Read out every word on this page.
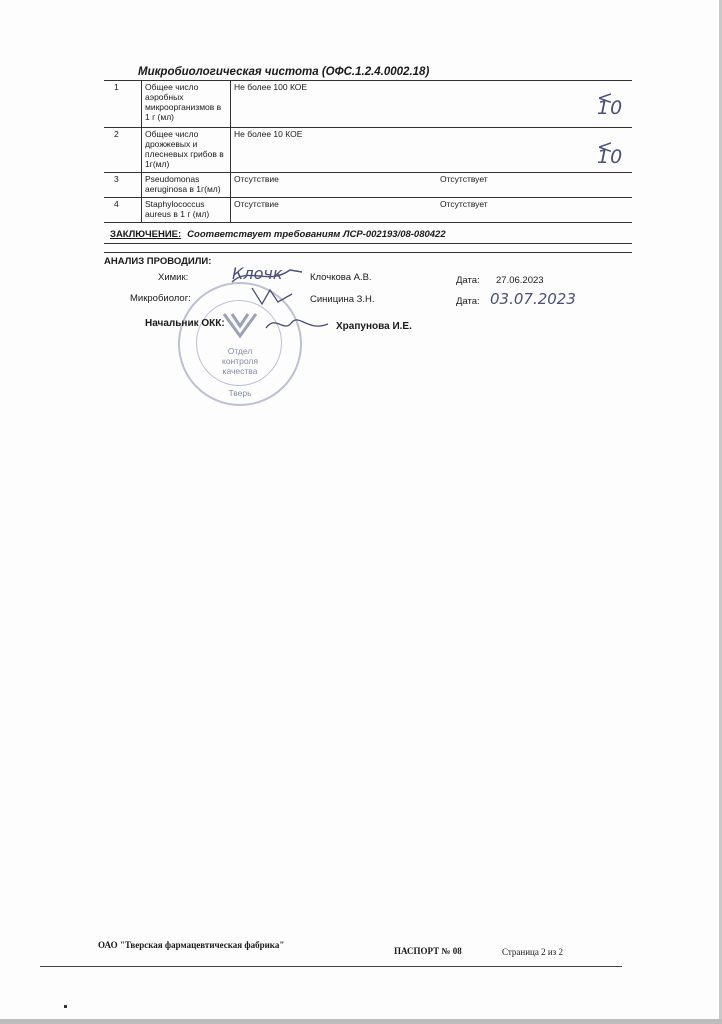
Микробиологическая чистота (ОФС.1.2.4.0002.18)
1	Общее число аэробных микроорганизмов в 1 г (мл)	Не более 100 КОЕ	< 10

2	Общее число дрожжевых и плесневых грибов в 1г(мл)	Не более 10 КОЕ	< 10

3	Pseudomonas aeruginosa в 1г(мл)	Отсутствие	Отсутствует
4	Staphylococcus aureus в 1 г (мл)	Отсутствие	Отсутствует
ЗАКЛЮЧЕНИЕ: Соответствует требованиям ЛСР-002193/08-080422
АНАЛИЗ ПРОВОДИЛИ:
Отдел
контроля
качества
Тверь
Химик:	Клочк	Клочкова А.В.	Дата: 27.06.2023
Микробиолог:	Синицина З.Н.	Дата: 03.07.2023
Начальник ОКК:	Храпунова И.Е.
ОАО "Тверская фармацевтическая фабрика"
ПАСПОРТ № 08	Страница 2 из 2
